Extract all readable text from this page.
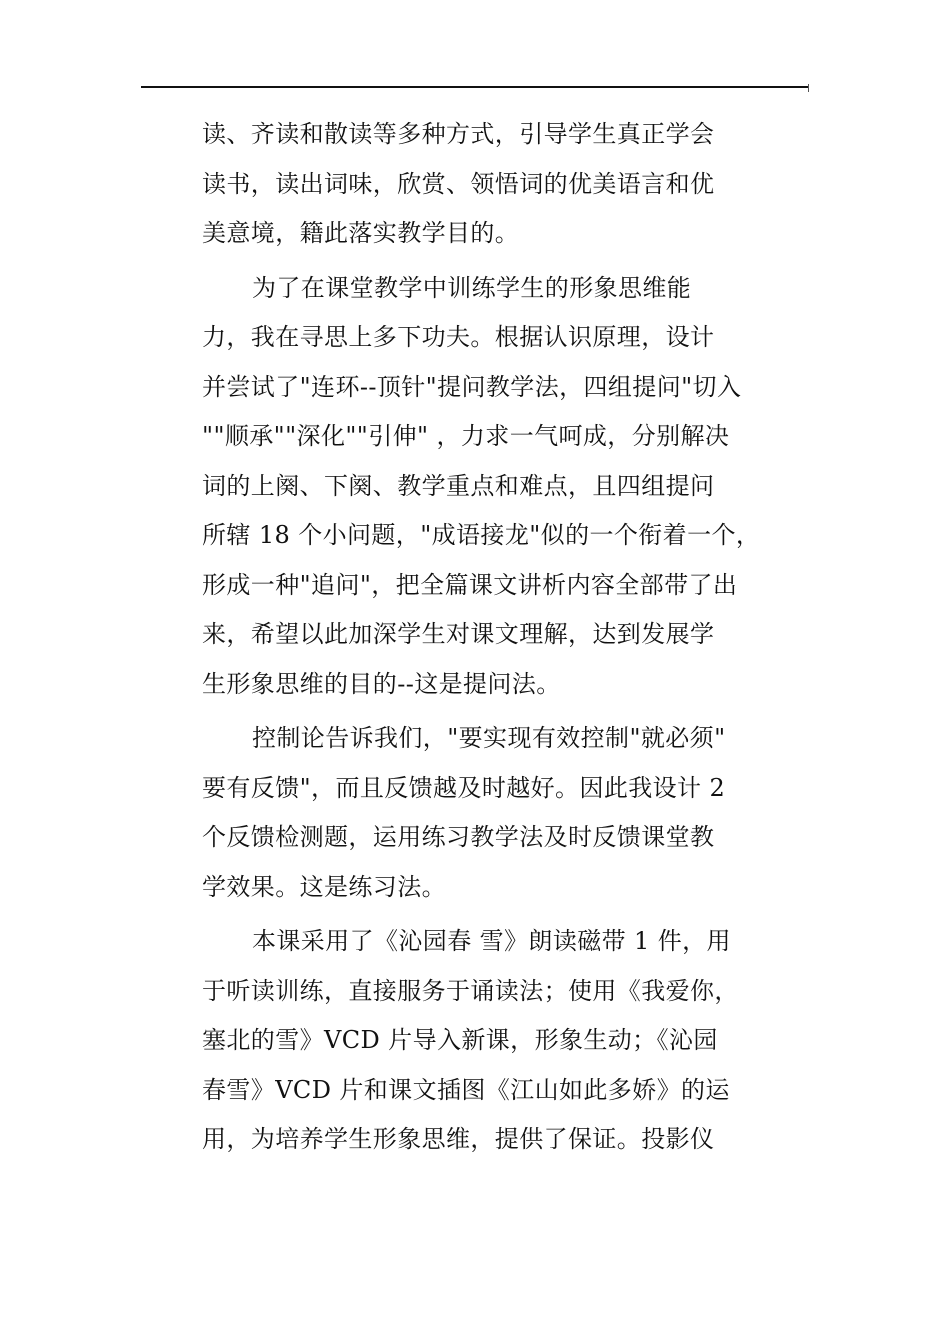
读、齐读和散读等多种方式，引导学生真正学会
读书，读出词味，欣赏、领悟词的优美语言和优
美意境，籍此落实教学目的。
为了在课堂教学中训练学生的形象思维能
力，我在寻思上多下功夫。根据认识原理，设计
并尝试了"连环--顶针"提问教学法，四组提问"切入
""顺承""深化""引伸" ，力求一气呵成，分别解决
词的上阕、下阕、教学重点和难点，且四组提问
所辖 18 个小问题，"成语接龙"似的一个衔着一个，
形成一种"追问"，把全篇课文讲析内容全部带了出
来，希望以此加深学生对课文理解，达到发展学
生形象思维的目的--这是提问法。
控制论告诉我们，"要实现有效控制"就必须"
要有反馈"，而且反馈越及时越好。因此我设计 2
个反馈检测题，运用练习教学法及时反馈课堂教
学效果。这是练习法。
本课采用了《沁园春 雪》朗读磁带 1 件，用
于听读训练，直接服务于诵读法；使用《我爱你，
塞北的雪》VCD 片导入新课，形象生动；《沁园
春雪》VCD 片和课文插图《江山如此多娇》的运
用，为培养学生形象思维，提供了保证。投影仪
